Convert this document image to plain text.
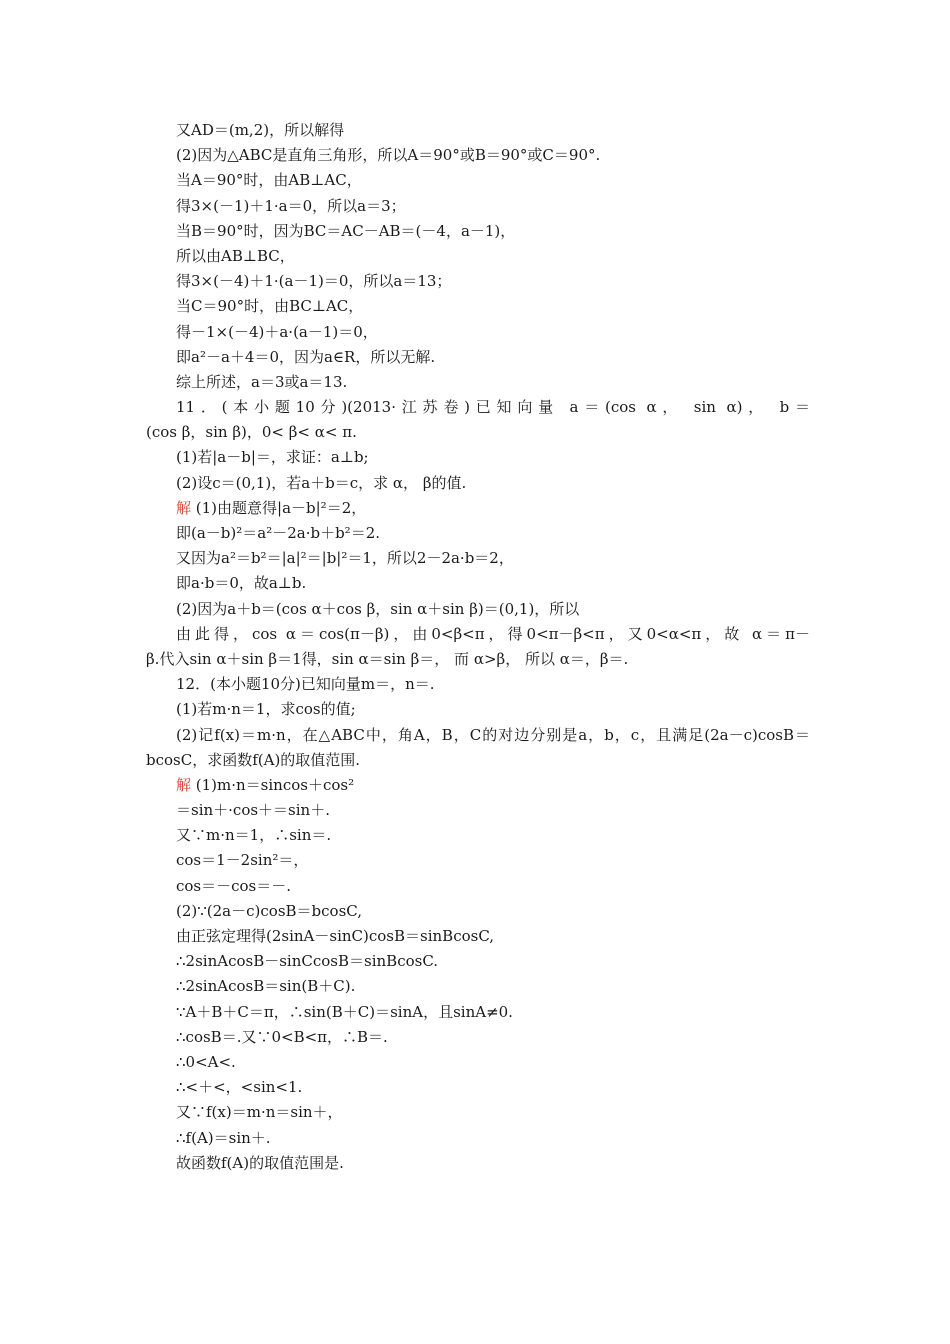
又AD＝(m,2)，所以解得
(2)因为△ABC是直角三角形，所以A＝90°或B＝90°或C＝90°.
当A＝90°时，由AB⊥AC，
得3×(－1)＋1·a＝0，所以a＝3；
当B＝90°时，因为BC＝AC－AB＝(－4，a－1)，
所以由AB⊥BC，
得3×(－4)＋1·(a－1)＝0，所以a＝13；
当C＝90°时，由BC⊥AC，
得－1×(－4)＋a·(a－1)＝0，
即a²－a＋4＝0，因为a∈R，所以无解.
综上所述，a＝3或a＝13.
11．(本小题10分)(2013·江苏卷)已知向量 a＝(cos α， sin α)， b＝
(cos β，sin β)，0< β< α< π.
(1)若|a－b|＝，求证：a⊥b;
(2)设c＝(0,1)，若a＋b＝c，求 α， β的值.
解 (1)由题意得|a－b|²＝2，
即(a－b)²＝a²－2a·b＋b²＝2.
又因为a²＝b²＝|a|²＝|b|²＝1，所以2－2a·b＝2，
即a·b＝0，故a⊥b.
(2)因为a＋b＝(cos α＋cos β，sin α＋sin β)＝(0,1)，所以
由此得，cos α＝cos(π－β)，由0<β<π，得0<π－β<π，又0<α<π，故 α＝π－
β.代入sin α＋sin β＝1得，sin α＝sin β＝， 而 α>β， 所以 α＝，β＝.
12．(本小题10分)已知向量m＝，n＝.
(1)若m·n＝1，求cos的值;
(2)记f(x)＝m·n，在△ABC中，角A，B，C的对边分别是a，b，c，且满足(2a－c)cosB＝
bcosC，求函数f(A)的取值范围.
解 (1)m·n＝sincos＋cos²
＝sin＋·cos＋＝sin＋.
又∵m·n＝1，∴sin＝.
cos＝1－2sin²＝，
cos＝－cos＝－.
(2)∵(2a－c)cosB＝bcosC,
由正弦定理得(2sinA－sinC)cosB＝sinBcosC,
∴2sinAcosB－sinCcosB＝sinBcosC.
∴2sinAcosB＝sin(B＋C).
∵A＋B＋C＝π，∴sin(B＋C)＝sinA，且sinA≠0.
∴cosB＝.又∵0<B<π，∴B＝.
∴0<A<.
∴<＋<，<sin<1.
又∵f(x)＝m·n＝sin＋，
∴f(A)＝sin＋.
故函数f(A)的取值范围是.
